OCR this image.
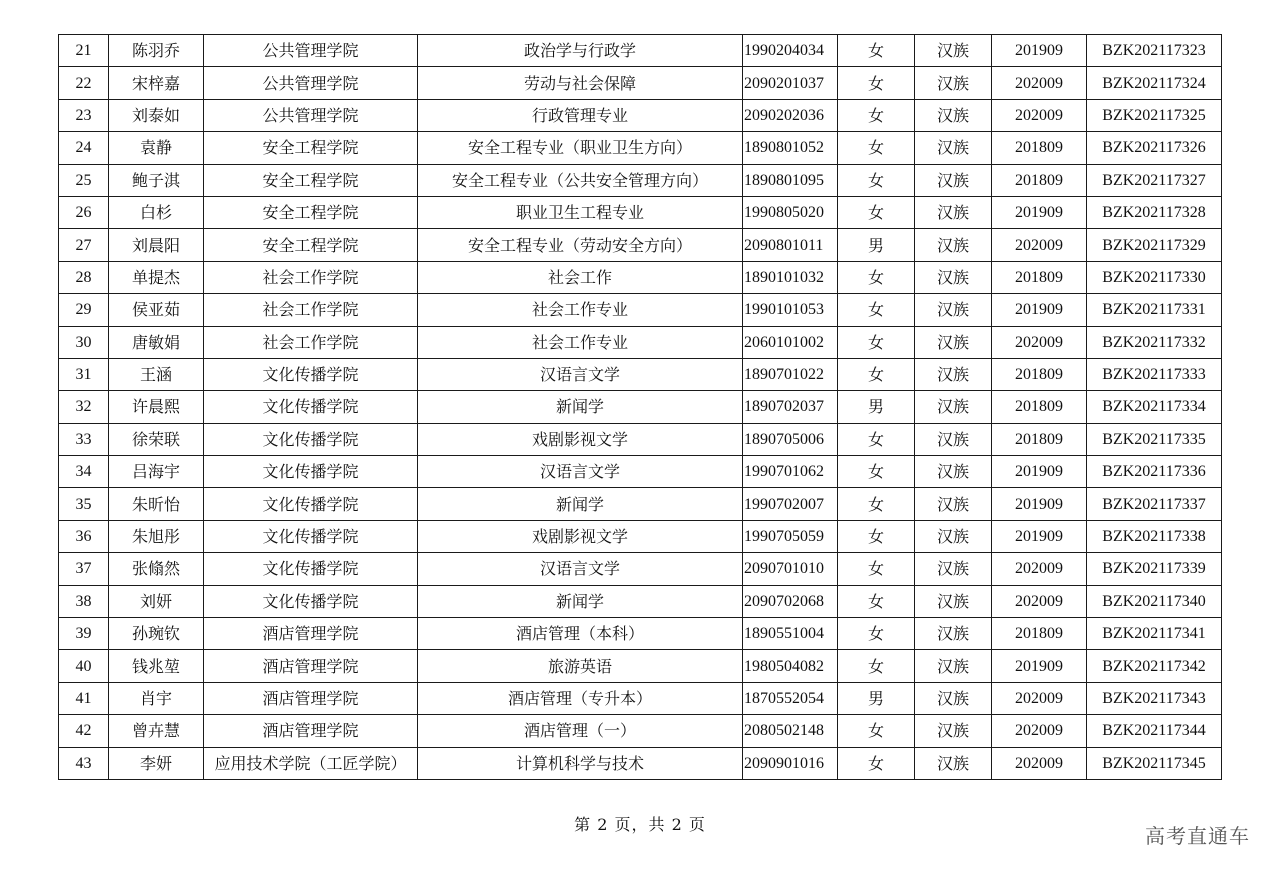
21	陈羽乔	公共管理学院	政治学与行政学	1990204034	女	汉族	201909	BZK202117323
22	宋梓嘉	公共管理学院	劳动与社会保障	2090201037	女	汉族	202009	BZK202117324
23	刘泰如	公共管理学院	行政管理专业	2090202036	女	汉族	202009	BZK202117325
24	袁静	安全工程学院	安全工程专业（职业卫生方向）	1890801052	女	汉族	201809	BZK202117326
25	鲍子淇	安全工程学院	安全工程专业（公共安全管理方向）	1890801095	女	汉族	201809	BZK202117327
26	白杉	安全工程学院	职业卫生工程专业	1990805020	女	汉族	201909	BZK202117328
27	刘晨阳	安全工程学院	安全工程专业（劳动安全方向）	2090801011	男	汉族	202009	BZK202117329
28	单提杰	社会工作学院	社会工作	1890101032	女	汉族	201809	BZK202117330
29	侯亚茹	社会工作学院	社会工作专业	1990101053	女	汉族	201909	BZK202117331
30	唐敏娟	社会工作学院	社会工作专业	2060101002	女	汉族	202009	BZK202117332
31	王涵	文化传播学院	汉语言文学	1890701022	女	汉族	201809	BZK202117333
32	许晨熙	文化传播学院	新闻学	1890702037	男	汉族	201809	BZK202117334
33	徐荣联	文化传播学院	戏剧影视文学	1890705006	女	汉族	201809	BZK202117335
34	吕海宇	文化传播学院	汉语言文学	1990701062	女	汉族	201909	BZK202117336
35	朱昕怡	文化传播学院	新闻学	1990702007	女	汉族	201909	BZK202117337
36	朱旭彤	文化传播学院	戏剧影视文学	1990705059	女	汉族	201909	BZK202117338
37	张翛然	文化传播学院	汉语言文学	2090701010	女	汉族	202009	BZK202117339
38	刘妍	文化传播学院	新闻学	2090702068	女	汉族	202009	BZK202117340
39	孙琬钦	酒店管理学院	酒店管理（本科）	1890551004	女	汉族	201809	BZK202117341
40	钱兆堃	酒店管理学院	旅游英语	1980504082	女	汉族	201909	BZK202117342
41	肖宇	酒店管理学院	酒店管理（专升本）	1870552054	男	汉族	202009	BZK202117343
42	曾卉慧	酒店管理学院	酒店管理（一）	2080502148	女	汉族	202009	BZK202117344
43	李妍	应用技术学院（工匠学院）	计算机科学与技术	2090901016	女	汉族	202009	BZK202117345
第 2 页，共 2 页	高考直通车
